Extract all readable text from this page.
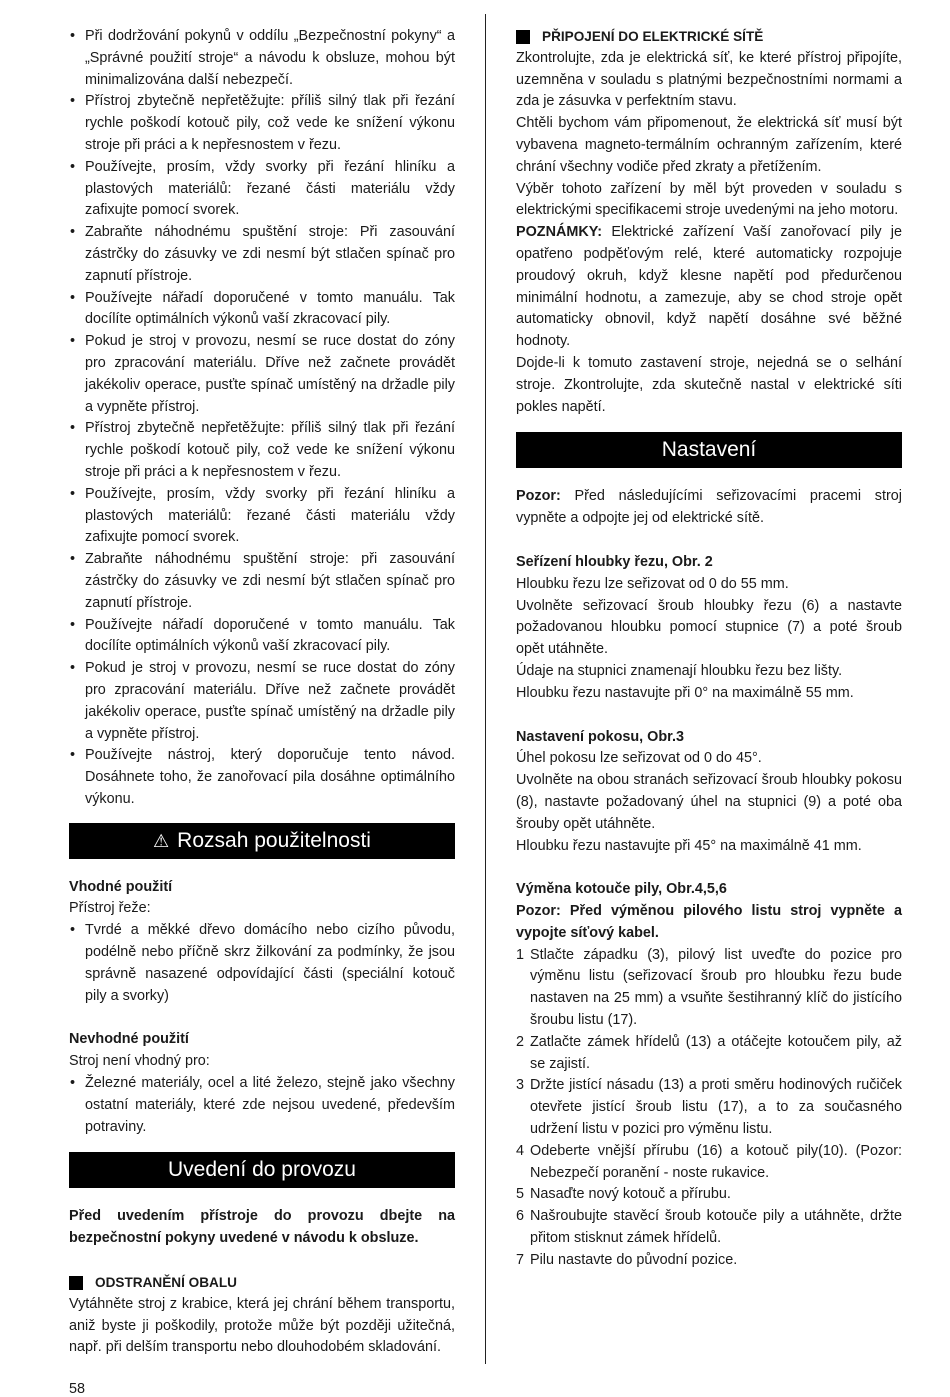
• Při dodržování pokynů v oddílu „Bezpečnostní pokyny“ a „Správné použití stroje“ a návodu k obsluze, mohou být minimalizována další nebezpečí.
• Přístroj zbytečně nepřetěžujte: příliš silný tlak při řezání rychle poškodí kotouč pily, což vede ke snížení výkonu stroje při práci a k nepřesnostem v řezu.
• Používejte, prosím, vždy svorky při řezání hliníku a plastových materiálů: řezané části materiálu vždy zafixujte pomocí svorek.
• Zabraňte náhodnému spuštění stroje: Při zasouvání zástrčky do zásuvky ve zdi nesmí být stlačen spínač pro zapnutí přístroje.
• Používejte nářadí doporučené v tomto manuálu. Tak docílíte optimálních výkonů vaší zkracovací pily.
• Pokud je stroj v provozu, nesmí se ruce dostat do zóny pro zpracování materiálu. Dříve než začnete provádět jakékoliv operace, pusťte spínač umístěný na držadle pily a vypněte přístroj.
• Přístroj zbytečně nepřetěžujte: příliš silný tlak při řezání rychle poškodí kotouč pily, což vede ke snížení výkonu stroje při práci a k nepřesnostem v řezu.
• Používejte, prosím, vždy svorky při řezání hliníku a plastových materiálů: řezané části materiálu vždy zafixujte pomocí svorek.
• Zabraňte náhodnému spuštění stroje: při zasouvání zástrčky do zásuvky ve zdi nesmí být stlačen spínač pro zapnutí přístroje.
• Používejte nářadí doporučené v tomto manuálu. Tak docílíte optimálních výkonů vaší zkracovací pily.
• Pokud je stroj v provozu, nesmí se ruce dostat do zóny pro zpracování materiálu. Dříve než začnete provádět jakékoliv operace, pusťte spínač umístěný na držadle pily a vypněte přístroj.
• Používejte nástroj, který doporučuje tento návod. Dosáhnete toho, že zanořovací pila dosáhne optimálního výkonu.
⚠ Rozsah použitelnosti

Vhodné použití

Přístroj řeže:

• Tvrdé a měkké dřevo domácího nebo cizího původu, podélně nebo příčně skrz žilkování za podmínky, že jsou správně nasazené odpovídající části (speciální kotouč pily a svorky)

Nevhodné použití

Stroj není vhodný pro:

• Železné materiály, ocel a lité železo, stejně jako všechny ostatní materiály, které zde nejsou uvedené, především potraviny.
Uvedení do provozu

Před uvedením přístroje do provozu dbejte na bezpečnostní pokyny uvedené v návodu k obsluze.

ODSTRANĚNÍ OBALU

Vytáhněte stroj z krabice, která jej chrání během transportu, aniž byste ji poškodily, protože může být později užitečná, např. při delším transportu nebo dlouhodobém skladování.

PŘIPOJENÍ DO ELEKTRICKÉ SÍTĚ

Zkontrolujte, zda je elektrická síť, ke které přístroj připojíte, uzemněna v souladu s platnými bezpečnostními normami a zda je zásuvka v perfektním stavu.

Chtěli bychom vám připomenout, že elektrická síť musí být vybavena magneto-termálním ochranným zařízením, které chrání všechny vodiče před zkraty a přetížením.

Výběr tohoto zařízení by měl být proveden v souladu s elektrickými specifikacemi stroje uvedenými na jeho motoru.

POZNÁMKY: Elektrické zařízení Vaší zanořovací pily je opatřeno podpěťovým relé, které automaticky rozpojuje proudový okruh, když klesne napětí pod předurčenou minimální hodnotu, a zamezuje, aby se chod stroje opět automaticky obnovil, když napětí dosáhne své běžné hodnoty.

Dojde-li k tomuto zastavení stroje, nejedná se o selhání stroje. Zkontrolujte, zda skutečně nastal v elektrické síti pokles napětí.

Nastavení

Pozor: Před následujícími seřizovacími pracemi stroj vypněte a odpojte jej od elektrické sítě.

Seřízení hloubky řezu, Obr. 2

Hloubku řezu lze seřizovat od 0 do 55 mm.

Uvolněte seřizovací šroub hloubky řezu (6) a nastavte požadovanou hloubku pomocí stupnice (7) a poté šroub opět utáhněte.

Údaje na stupnici znamenají hloubku řezu bez lišty.

Hloubku řezu nastavujte při 0° na maximálně 55 mm.

Nastavení pokosu, Obr.3

Úhel pokosu lze seřizovat od 0 do 45°.

Uvolněte na obou stranách seřizovací šroub hloubky pokosu (8), nastavte požadovaný úhel na stupnici (9) a poté oba šrouby opět utáhněte.

Hloubku řezu nastavujte při 45° na maximálně 41 mm.

Výměna kotouče pily, Obr.4,5,6

Pozor: Před výměnou pilového listu stroj vypněte a vypojte síťový kabel.

1 Stlačte západku (3), pilový list uveďte do pozice pro výměnu listu (seřizovací šroub pro hloubku řezu bude nastaven na 25 mm) a vsuňte šestihranný klíč do jistícího šroubu listu (17).
2 Zatlačte zámek hřídelů (13) a otáčejte kotoučem pily, až se zajistí.
3 Držte jistící násadu (13) a proti směru hodinových ručiček otevřete jistící šroub listu (17), a to za současného udržení listu v pozici pro výměnu listu.
4 Odeberte vnější přírubu (16) a kotouč pily(10). (Pozor: Nebezpečí poranění - noste rukavice.
5 Nasaďte nový kotouč a přírubu.
6 Našroubujte stavěcí šroub kotouče pily a utáhněte, držte přitom stisknut zámek hřídelů.
7 Pilu nastavte do původní pozice.
58
